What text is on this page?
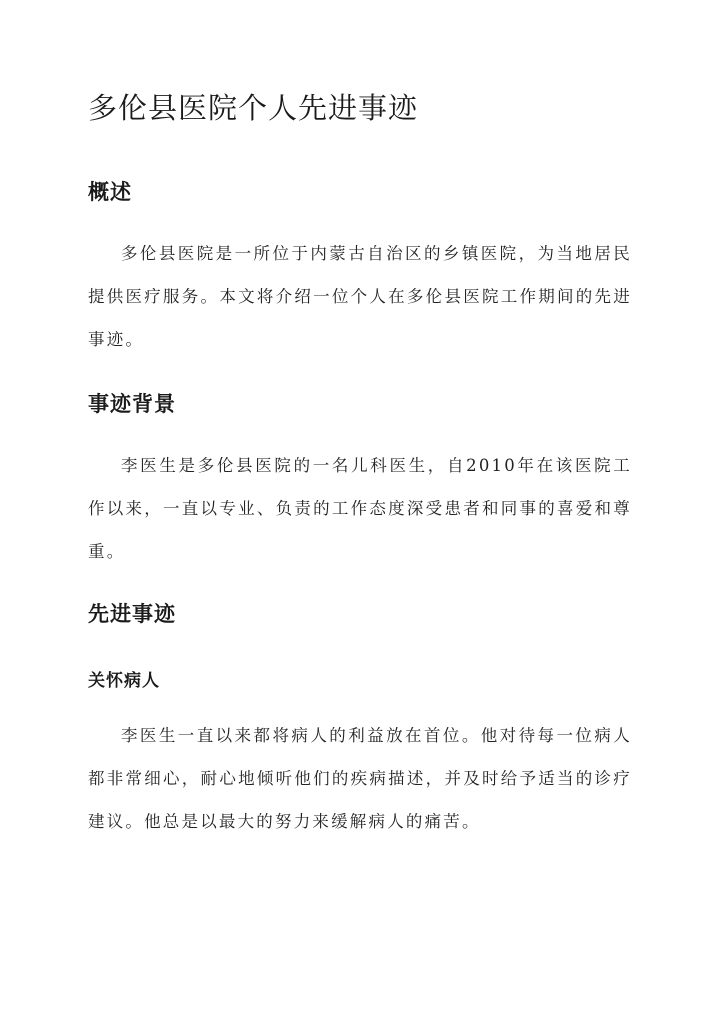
多伦县医院个人先进事迹
概述

多伦县医院是一所位于内蒙古自治区的乡镇医院，为当地居民提供医疗服务。本文将介绍一位个人在多伦县医院工作期间的先进事迹。

事迹背景

李医生是多伦县医院的一名儿科医生，自2010年在该医院工作以来，一直以专业、负责的工作态度深受患者和同事的喜爱和尊重。

先进事迹
关怀病人

李医生一直以来都将病人的利益放在首位。他对待每一位病人都非常细心，耐心地倾听他们的疾病描述，并及时给予适当的诊疗建议。他总是以最大的努力来缓解病人的痛苦。
